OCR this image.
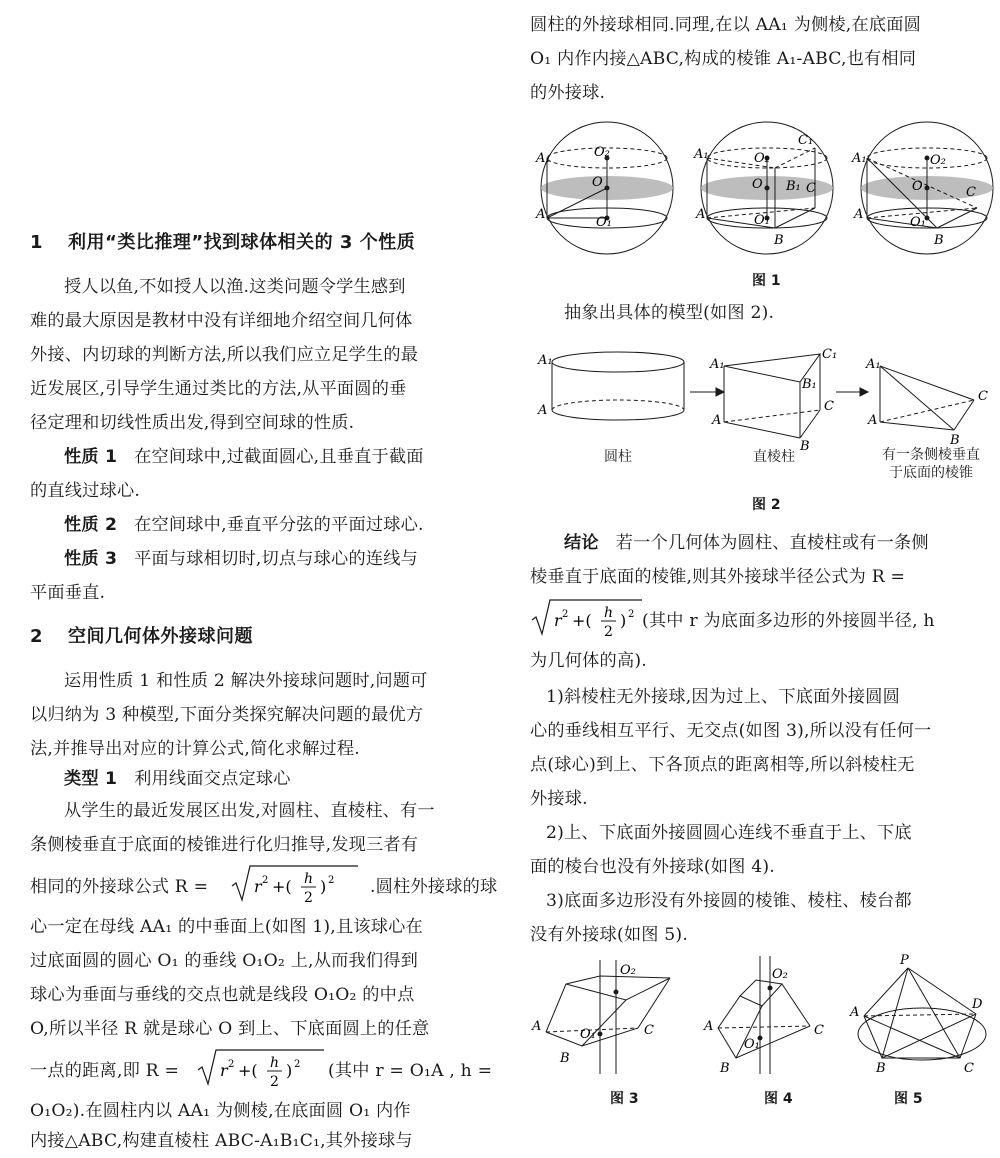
1 利用“类比推理”找到球体相关的 3 个性质
授人以鱼,不如授人以渔.这类问题令学生感到
难的最大原因是教材中没有详细地介绍空间几何体
外接、内切球的判断方法,所以我们应立足学生的最
近发展区,引导学生通过类比的方法,从平面圆的垂
径定理和切线性质出发,得到空间球的性质.
性质 1 在空间球中,过截面圆心,且垂直于截面
的直线过球心.
性质 2 在空间球中,垂直平分弦的平面过球心.
性质 3 平面与球相切时,切点与球心的连线与
平面垂直.
2 空间几何体外接球问题
运用性质 1 和性质 2 解决外接球问题时,问题可
以归纳为 3 种模型,下面分类探究解决问题的最优方
法,并推导出对应的计算公式,简化求解过程.
类型 1 利用线面交点定球心
从学生的最近发展区出发,对圆柱、直棱柱、有一
条侧棱垂直于底面的棱锥进行化归推导,发现三者有
相同的外接球公式 R =	r 2 +( h
2
) 2 .圆柱外接球的球
心一定在母线 AA₁ 的中垂面上(如图 1),且该球心在
过底面圆的圆心 O₁ 的垂线 O₁O₂ 上,从而我们得到
球心为垂面与垂线的交点也就是线段 O₁O₂ 的中点
O,所以半径 R 就是球心 O 到上、下底面圆上的任意
一点的距离,即 R =	r 2 +( h
2
) 2 (其中 r = O₁A , h =
O₁O₂).在圆柱内以 AA₁ 为侧棱,在底面圆 O₁ 内作
内接△ABC,构建直棱柱 ABC-A₁B₁C₁,其外接球与
圆柱的外接球相同.同理,在以 AA₁ 为侧棱,在底面圆
O₁ 内作内接△ABC,构成的棱锥 A₁-ABC,也有相同
的外接球.
A₁
A
O₂
O
O₁
A₁
A
O₂
O
O₁
C₁
B₁ C
B
A₁
A
O₂
O
O₁
C
B
图 1
抽象出具体的模型(如图 2).
A₁
A
A₁
A
C₁
B₁
C
B
A₁
A
C
B
圆柱	直棱柱	有一条侧棱垂直
于底面的棱锥
图 2
结论 若一个几何体为圆柱、直棱柱或有一条侧
棱垂直于底面的棱锥,则其外接球半径公式为 R =
r 2 +( h
2
) 2 (其中 r 为底面多边形的外接圆半径, h
为几何体的高).
1)斜棱柱无外接球,因为过上、下底面外接圆圆
心的垂线相互平行、无交点(如图 3),所以没有任何一
点(球心)到上、下各顶点的距离相等,所以斜棱柱无
外接球.
2)上、下底面外接圆圆心连线不垂直于上、下底
面的棱台也没有外接球(如图 4).
3)底面多边形没有外接圆的棱锥、棱柱、棱台都
没有外接球(如图 5).
O₂
A
O₁	C
B
O₂
A
O₁
C
B
P
A
D
B	C
图 3	图 4	图 5
